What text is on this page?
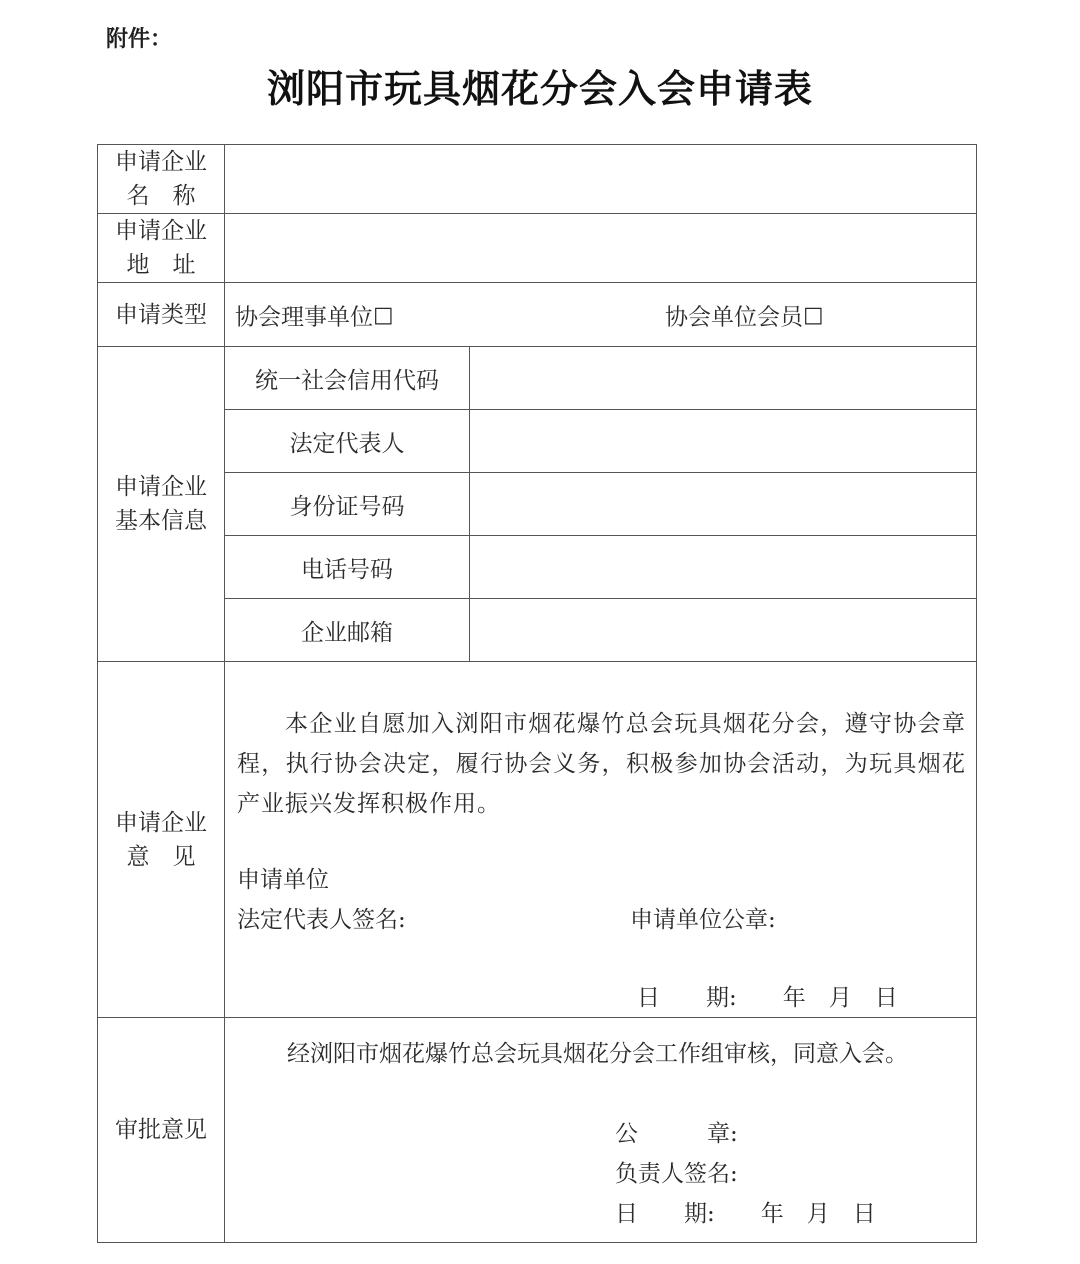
附件：
浏阳市玩具烟花分会入会申请表
申请企业
名　称		

申请企业
地　址		

申请类型	协会理事单位☐ 协会单位会员☐	

申请企业
基本信息	统一社会信用代码	
	法定代表人	
	身份证号码	
	电话号码	
	企业邮箱	

申请企业
意　见	本企业自愿加入浏阳市烟花爆竹总会玩具烟花分会，遵守协会章程，执行协会决定，履行协会义务，积极参加协会活动，为玩具烟花产业振兴发挥积极作用。
申请单位
法定代表人签名: 申请单位公章:
日　　期:　　年　月　日	

审批意见	经浏阳市烟花爆竹总会玩具烟花分会工作组审核，同意入会。
公　　　章:
负责人签名:
日　　期:　　年　月　日	
